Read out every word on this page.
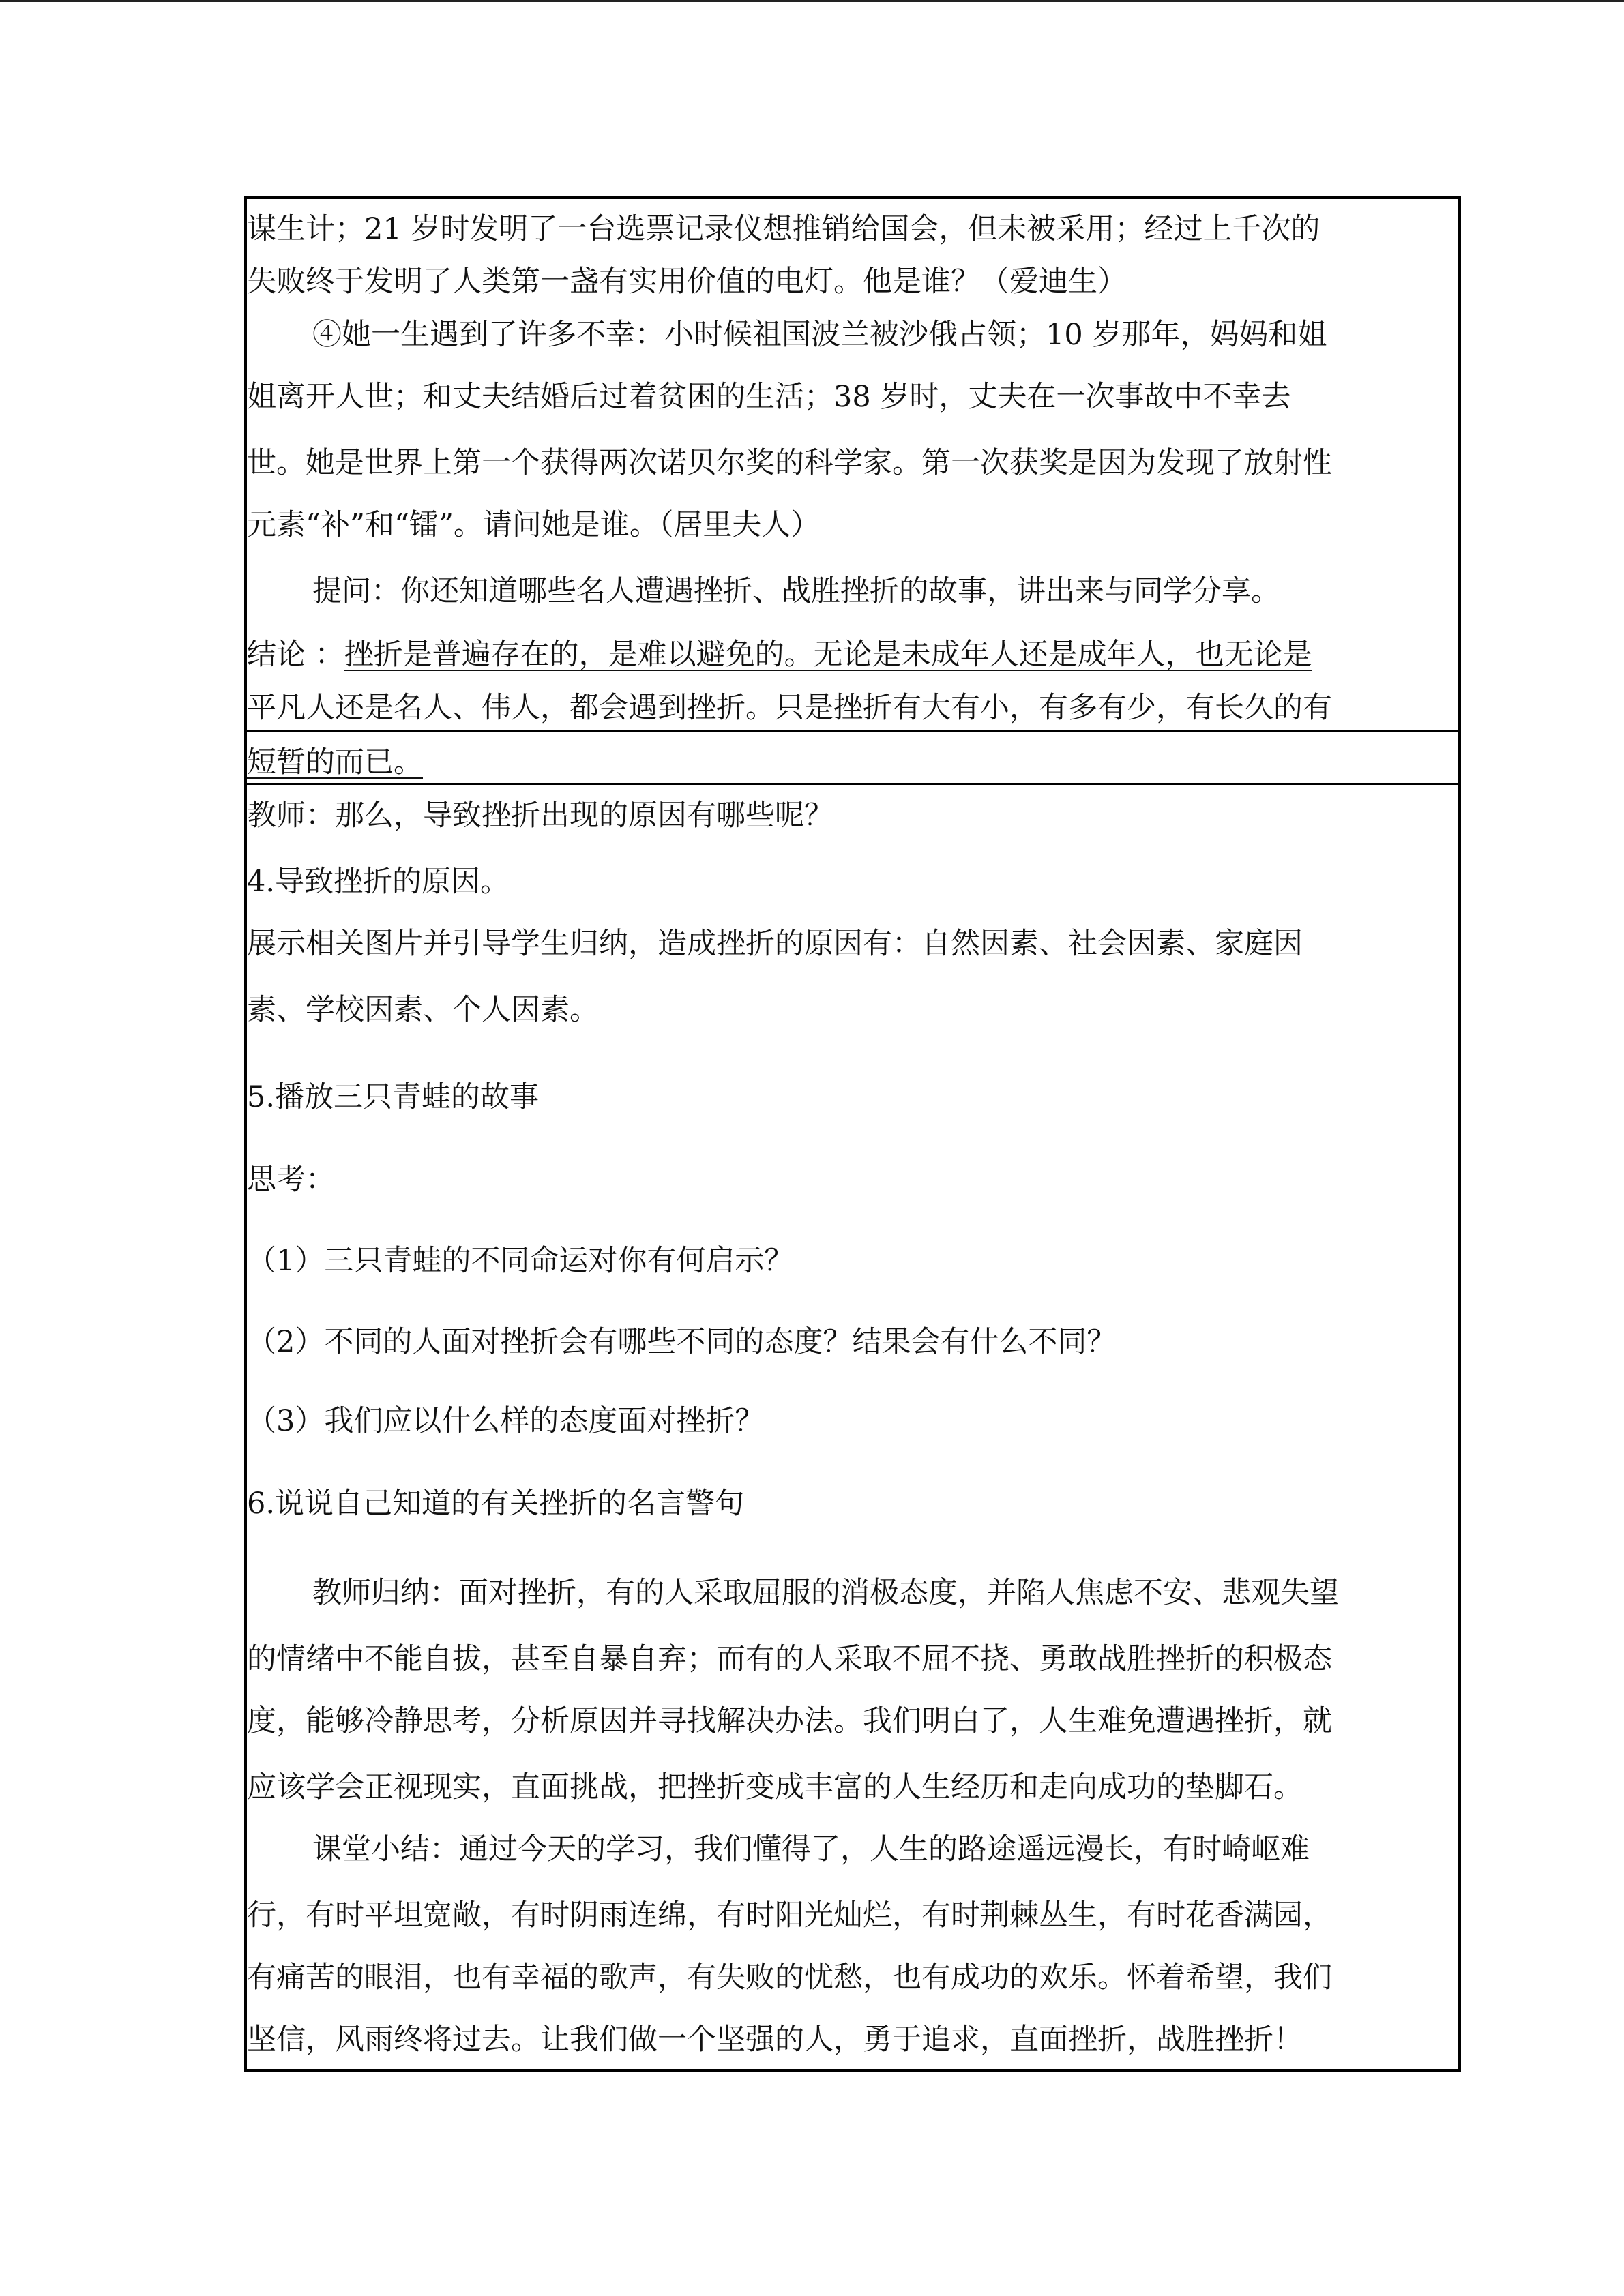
谋生计；21 岁时发明了一台选票记录仪想推销给国会，但未被采用；经过上千次的
失败终于发明了人类第一盏有实用价值的电灯。他是谁？（爱迪生）
④她一生遇到了许多不幸：小时候祖国波兰被沙俄占领；10 岁那年，妈妈和姐
姐离开人世；和丈夫结婚后过着贫困的生活；38 岁时，丈夫在一次事故中不幸去
世。她是世界上第一个获得两次诺贝尔奖的科学家。第一次获奖是因为发现了放射性
元素“补”和“镭”。请问她是谁。（居里夫人）
提问：你还知道哪些名人遭遇挫折、战胜挫折的故事，讲出来与同学分享。
结论 ：挫折是普遍存在的，是难以避免的。无论是未成年人还是成年人，也无论是
平凡人还是名人、伟人，都会遇到挫折。只是挫折有大有小，有多有少，有长久的有
短暂的而已。
教师：那么，导致挫折出现的原因有哪些呢？
4.导致挫折的原因。
展示相关图片并引导学生归纳，造成挫折的原因有：自然因素、社会因素、家庭因
素、学校因素、个人因素。
5.播放三只青蛙的故事
思考：
（1）三只青蛙的不同命运对你有何启示？
（2）不同的人面对挫折会有哪些不同的态度？结果会有什么不同？
（3）我们应以什么样的态度面对挫折？
6.说说自己知道的有关挫折的名言警句
教师归纳：面对挫折，有的人采取屈服的消极态度，并陷人焦虑不安、悲观失望
的情绪中不能自拔，甚至自暴自弃；而有的人采取不屈不挠、勇敢战胜挫折的积极态
度，能够冷静思考，分析原因并寻找解决办法。我们明白了，人生难免遭遇挫折，就
应该学会正视现实，直面挑战，把挫折变成丰富的人生经历和走向成功的垫脚石。
课堂小结：通过今天的学习，我们懂得了，人生的路途遥远漫长，有时崎岖难
行，有时平坦宽敞，有时阴雨连绵，有时阳光灿烂，有时荆棘丛生，有时花香满园，
有痛苦的眼泪，也有幸福的歌声，有失败的忧愁，也有成功的欢乐。怀着希望，我们
坚信，风雨终将过去。让我们做一个坚强的人，勇于追求，直面挫折，战胜挫折！
